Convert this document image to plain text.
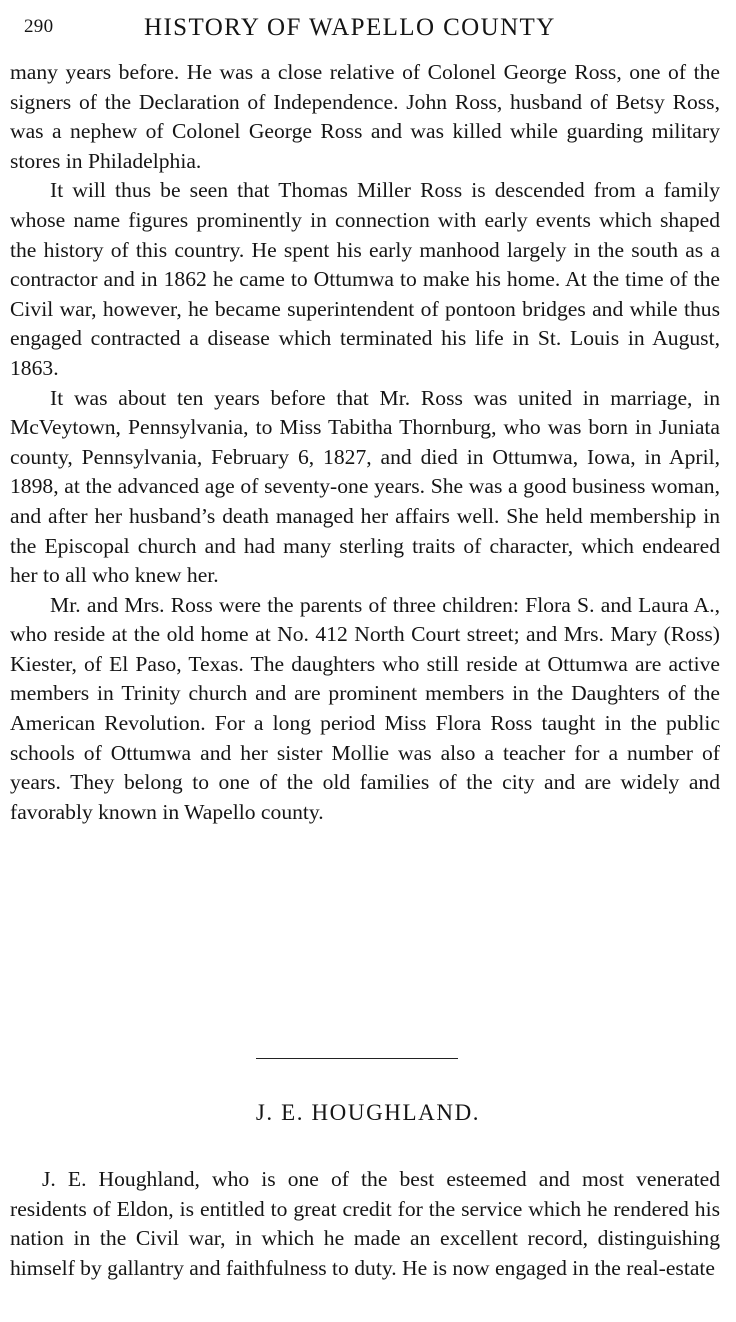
290	HISTORY OF WAPELLO COUNTY

many years before. He was a close relative of Colonel George Ross, one of the signers of the Declaration of Independence. John Ross, husband of Betsy Ross, was a nephew of Colonel George Ross and was killed while guarding military stores in Philadelphia.

It will thus be seen that Thomas Miller Ross is descended from a family whose name figures prominently in connection with early events which shaped the history of this country. He spent his early manhood largely in the south as a contractor and in 1862 he came to Ottumwa to make his home. At the time of the Civil war, however, he became superintendent of pontoon bridges and while thus engaged contracted a disease which terminated his life in St. Louis in August, 1863.

It was about ten years before that Mr. Ross was united in marriage, in McVeytown, Pennsylvania, to Miss Tabitha Thornburg, who was born in Juniata county, Pennsylvania, February 6, 1827, and died in Ottumwa, Iowa, in April, 1898, at the advanced age of seventy-one years. She was a good business woman, and after her husband’s death managed her affairs well. She held membership in the Episcopal church and had many sterling traits of character, which endeared her to all who knew her.

Mr. and Mrs. Ross were the parents of three children: Flora S. and Laura A., who reside at the old home at No. 412 North Court street; and Mrs. Mary (Ross) Kiester, of El Paso, Texas. The daughters who still reside at Ottumwa are active members in Trinity church and are prominent members in the Daughters of the American Revolution. For a long period Miss Flora Ross taught in the public schools of Ottumwa and her sister Mollie was also a teacher for a number of years. They belong to one of the old families of the city and are widely and favorably known in Wapello county.

J. E. HOUGHLAND.

J. E. Houghland, who is one of the best esteemed and most venerated residents of Eldon, is entitled to great credit for the service which he rendered his nation in the Civil war, in which he made an excellent record, distinguishing himself by gallantry and faithfulness to duty. He is now engaged in the real-estate
